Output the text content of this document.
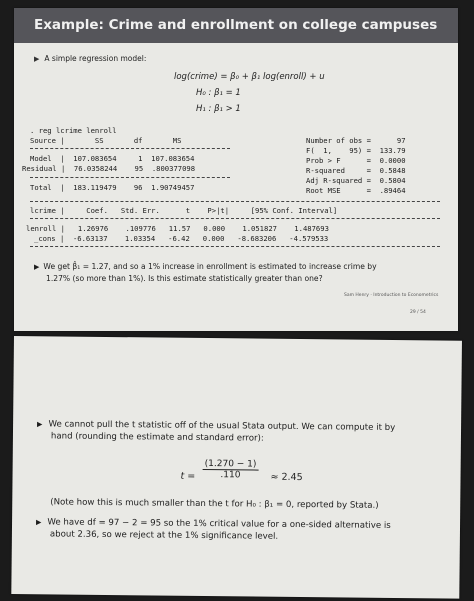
Example: Crime and enrollment on college campuses
▶ A simple regression model:
log(crime) = β₀ + β₁ log(enroll) + u
H₀ : β₁ = 1
H₁ : β₁ > 1
. reg lcrime lenroll
Source |       SS       df       MS
Model  |  107.083654     1  107.083654
Residual |  76.0358244    95  .800377098
Total  |  183.119479    96  1.90749457
Number of obs =      97
F(  1,    95) =  133.79
Prob > F      =  0.0000
R-squared     =  0.5848
Adj R-squared =  0.5804
Root MSE      =  .89464
lcrime |     Coef.   Std. Err.      t    P>|t|     [95% Conf. Interval]
lenroll |   1.26976    .109776   11.57   0.000    1.051827    1.487693
_cons |  -6.63137    1.03354   -6.42   0.000   -8.683206   -4.579533
▶ We get β̂₁ = 1.27, and so a 1% increase in enrollment is estimated to increase crime by
1.27% (so more than 1%). Is this estimate statistically greater than one?
Sam Henry · Introduction to Econometrics
29 / 54
▶ We cannot pull the t statistic off of the usual Stata output. We can compute it by
hand (rounding the estimate and standard error):
$t = \frac{(1.270 - 1)}{.110} \approx 2.45$
(Note how this is much smaller than the t for H₀ : β₁ = 0, reported by Stata.)
▶ We have df = 97 − 2 = 95 so the 1% critical value for a one-sided alternative is
about 2.36, so we reject at the 1% significance level.
